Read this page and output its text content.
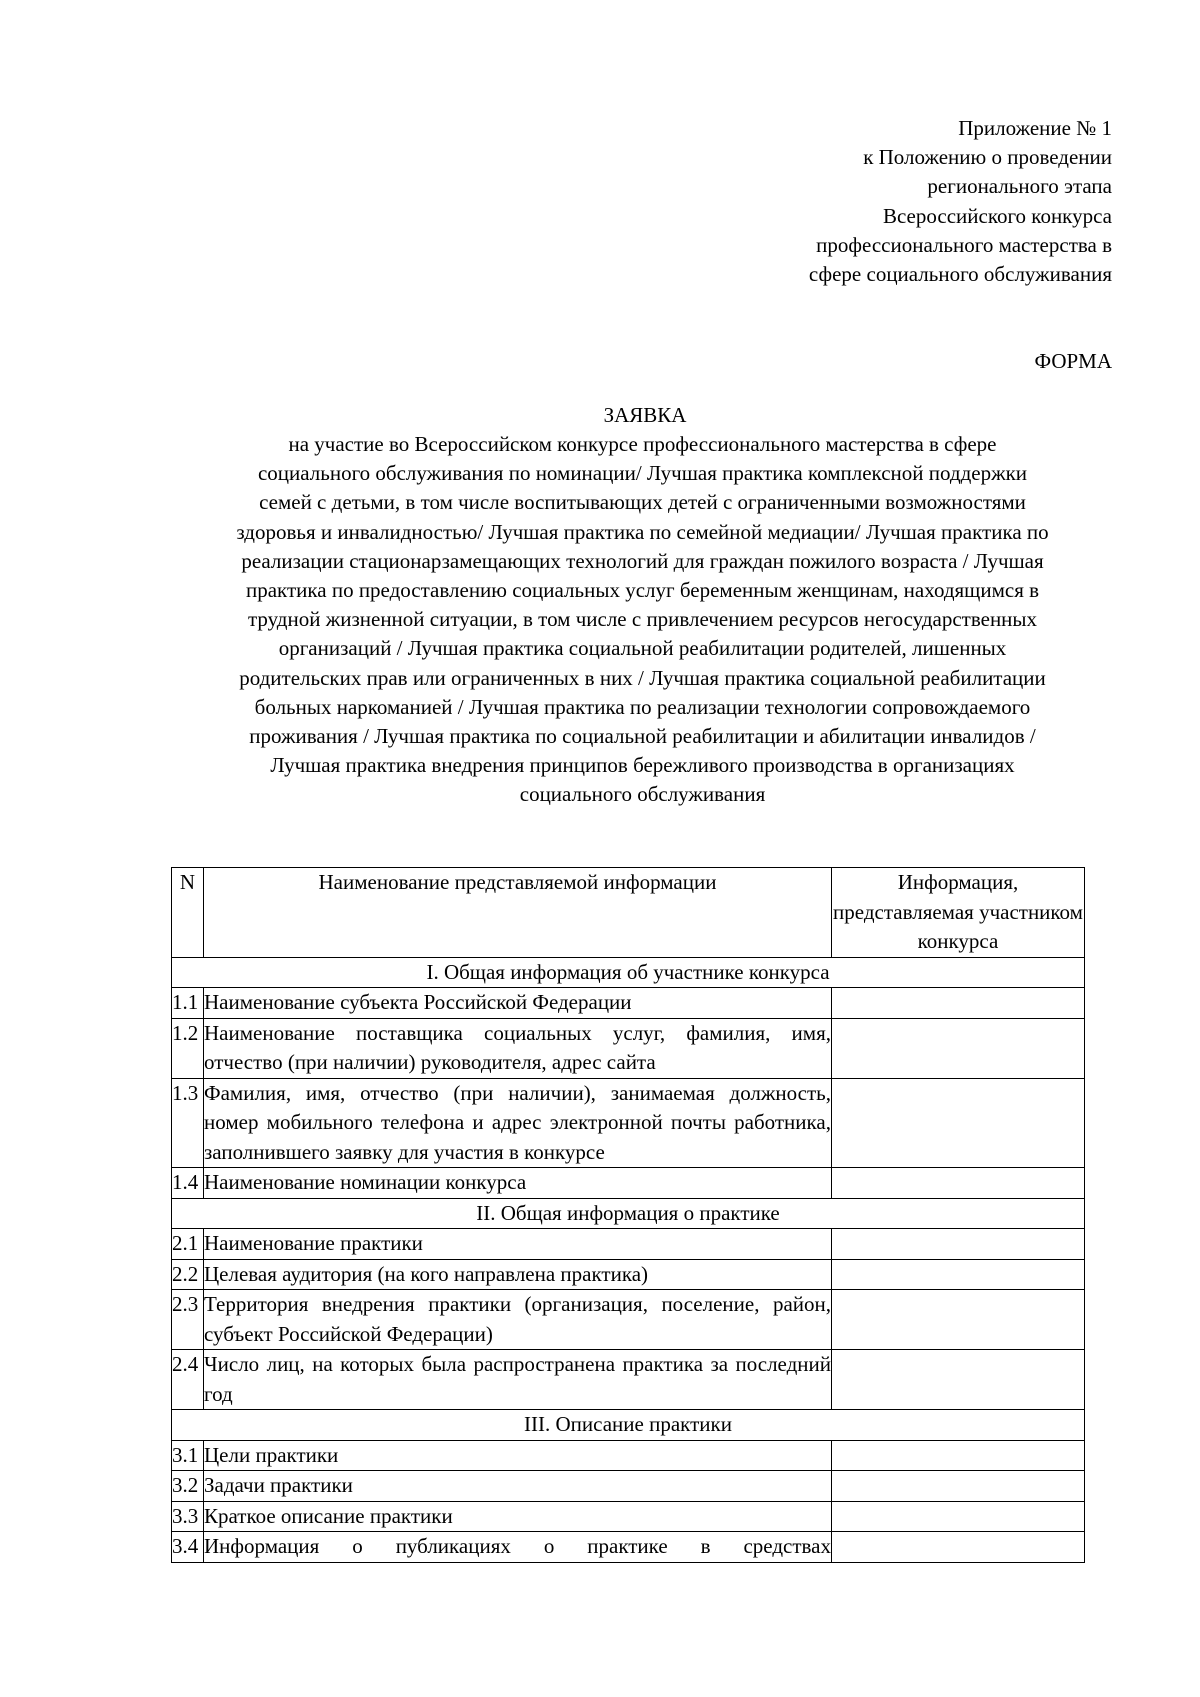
Приложение № 1
к Положению о проведении
регионального этапа
Всероссийского конкурса
профессионального мастерства в
сфере социального обслуживания
ФОРМА
ЗАЯВКА
на участие во Всероссийском конкурсе профессионального мастерства в сфере
социального обслуживания по номинации/ Лучшая практика комплексной поддержки
семей с детьми, в том числе воспитывающих детей с ограниченными возможностями
здоровья и инвалидностью/ Лучшая практика по семейной медиации/ Лучшая практика по
реализации стационарзамещающих технологий для граждан пожилого возраста / Лучшая
практика по предоставлению социальных услуг беременным женщинам, находящимся в
трудной жизненной ситуации, в том числе с привлечением ресурсов негосударственных
организаций / Лучшая практика социальной реабилитации родителей, лишенных
родительских прав или ограниченных в них / Лучшая практика социальной реабилитации
больных наркоманией / Лучшая практика по реализации технологии сопровождаемого
проживания / Лучшая практика по социальной реабилитации и абилитации инвалидов /
Лучшая практика внедрения принципов бережливого производства в организациях
социального обслуживания
N	Наименование представляемой информации	Информация, представляемая участником конкурса
I. Общая информация об участнике конкурса		
1.1	Наименование субъекта Российской Федерации	
1.2	Наименование поставщика социальных услуг, фамилия, имя, отчество (при наличии) руководителя, адрес сайта	
1.3	Фамилия, имя, отчество (при наличии), занимаемая должность, номер мобильного телефона и адрес электронной почты работника, заполнившего заявку для участия в конкурсе	
1.4	Наименование номинации конкурса	
II. Общая информация о практике		
2.1	Наименование практики	
2.2	Целевая аудитория (на кого направлена практика)	
2.3	Территория внедрения практики (организация, поселение, район, субъект Российской Федерации)	
2.4	Число лиц, на которых была распространена практика за последний год	
III. Описание практики		
3.1	Цели практики	
3.2	Задачи практики	
3.3	Краткое описание практики	
3.4	Информация о публикациях о практике в средствах	
